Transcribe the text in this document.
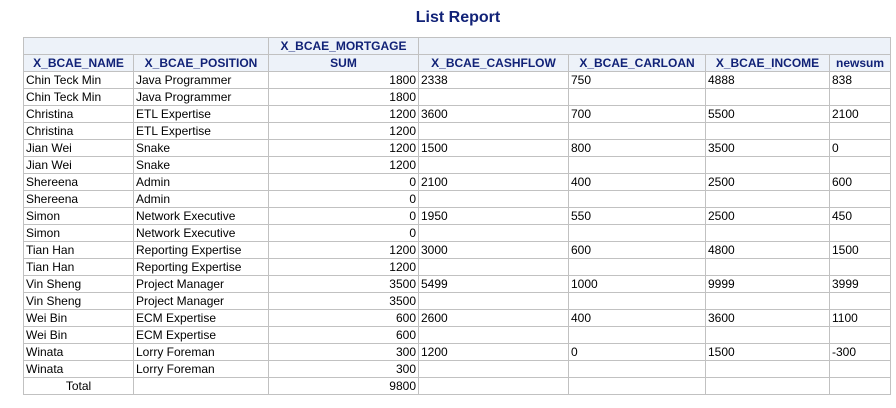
List Report
		X_BCAE_MORTGAGE				
X_BCAE_NAME	X_BCAE_POSITION	SUM	X_BCAE_CASHFLOW	X_BCAE_CARLOAN	X_BCAE_INCOME	newsum
Chin Teck Min	Java Programmer	1800	2338	750	4888	838
Chin Teck Min	Java Programmer	1800				
Christina	ETL Expertise	1200	3600	700	5500	2100
Christina	ETL Expertise	1200				
Jian Wei	Snake	1200	1500	800	3500	0
Jian Wei	Snake	1200				
Shereena	Admin	0	2100	400	2500	600
Shereena	Admin	0				
Simon	Network Executive	0	1950	550	2500	450
Simon	Network Executive	0				
Tian Han	Reporting Expertise	1200	3000	600	4800	1500
Tian Han	Reporting Expertise	1200				
Vin Sheng	Project Manager	3500	5499	1000	9999	3999
Vin Sheng	Project Manager	3500				
Wei Bin	ECM Expertise	600	2600	400	3600	1100
Wei Bin	ECM Expertise	600				
Winata	Lorry Foreman	300	1200	0	1500	-300
Winata	Lorry Foreman	300				
Total		9800				
